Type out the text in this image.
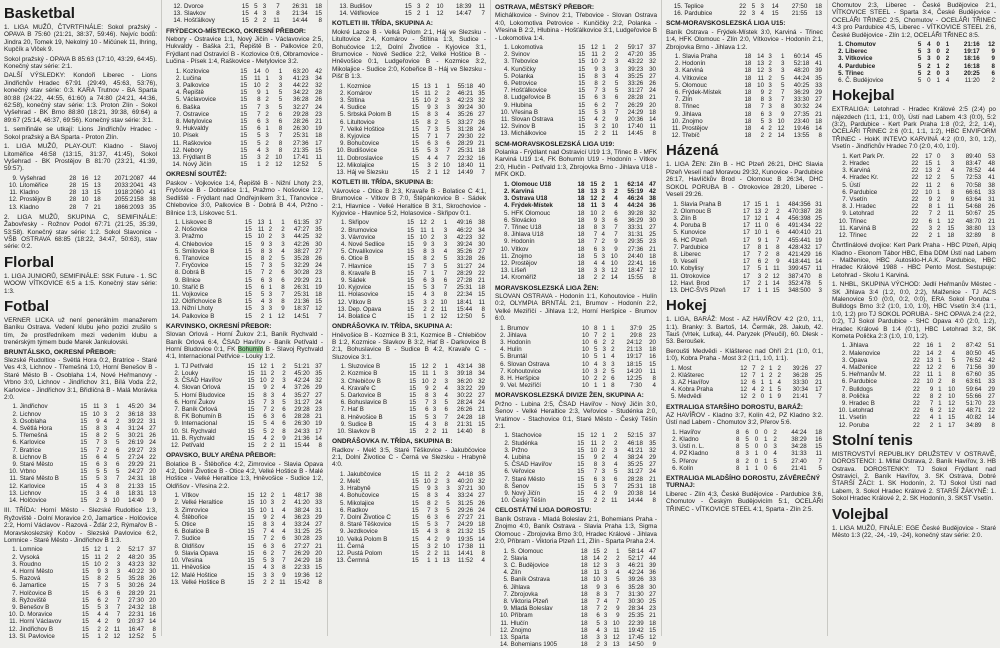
Basketbal
1. LIGA MUŽŮ, ČTVRTFINÁLE: Sokol pražský - OPAVA B 75:60 (21:21, 38:37, 59:46). Nejvíc bodů: Jindra 20, Tomek 19, Nekolný 10 - Mičúnek 11, Ihring, Kupčík a Vlček 9.
Sokol pražský - OPAVA B 85:63 (17:10, 43:29, 64:45). Konečný stav série: 2:1.
DALŠÍ VÝSLEDKY: Kondoři Liberec - Lions Jindřichův Hradec 67:91 (29:49, 45:63, 53:76), konečný stav série: 0:3. KARA Trutnov - BA Sparta 80:88 (24:22, 44:55, 61:60) a 74:80 (24:21, 44:36, 62:58), konečný stav série: 1:3. Proton Zlín - Sokol Vyšehrad - BK Brno 88:80 (18:21, 39:38, 69:64) a 89:67 (25:14, 46:37, 69:56). Konečný stav série: 3:1.
1. semifinále se utkají: Lions Jindřichův Hradec - Sokol pražský a BA Sparta - Proton Zlín.
1. LIGA MUŽŮ, PLAY-OUT: Kladno - Slavoj Litoměřice 46:58 (13:15, 31:37, 41:45), Sokol Vyšehrad - BK Prostějov B 81:70 (23:21, 41:39, 59:57).
9.	Vyšehrad	28	16	12	2071:2087	44
10.	Litoměřice	28	15	13	2033:2041	43
11.	Kladno	28	13	15	1918:2060	41
12.	Prostějov B	28	10	18	2055:2158	38
13.	Kladno	28	7	21	1866:2093	35
2. LIGA MUŽŮ, SKUPINA C, SEMIFINÁLE: Žabovřesky - Rožnov Podol 67:71 (21:25, 35:39, 53:58). Konečný stav série: 1:2. Sokol Slavonice - VŠB OSTRAVA 68:85 (18:22, 34:47, 50:63), stav série: 0:2.
Florbal
1. LIGA JUNIORŮ, SEMIFINÁLE: SSK Future - 1. SC WOOW VÍTKOVICE 6:5 a 1:5. Konečný stav série: 1:3.
Fotbal
VERNER LICKA už není generálním manažerem Baníku Ostrava. Vedení klubu jeho pozici zrušilo s tím, že prostředníkem mezi vedením klubu a trenérským týmem bude Marek Jankulovski.
BRUNTÁLSKO, OKRESNÍ PŘEBOR:
Slezské Rudoltice - Světlá Hora 0:2, Bratrice - Staré Ves 4:3, Lichnov - Třemešná 1:0, Horní Benešov B - Staré Město B - Osoblaha 1:4, Nové Heřmanovy - Vrbno 3:0, Lichnov - Jindřichov 3:1, Bílá Voda 2:2, Karlovice - Jindřichov 3:1, Břidličná B - Malá Morávka 2:0.
1.	Jindřichov	15	11	3	1	45:20	34
2.	Lichnov	15	10	3	2	36:18	33
3.	Osoblaha	15	9	4	2	39:22	31
4.	Světlá Hora	15	8	3	4	31:24	27
5.	Třemešná	15	8	2	5	30:21	26
6.	Karlovice	15	7	3	5	26:19	24
7.	Bratrice	15	7	2	6	29:27	23
8.	Lichnov B	15	6	4	5	27:24	22
9.	Staré Město	15	6	3	6	29:29	21
10.	Vrbno	15	5	5	5	24:27	20
11.	Staré Město B	15	5	3	7	24:31	18
12.	Karlovice	15	4	3	8	21:33	15
13.	Lichnov	15	3	4	8	18:31	13
14.	Holčovice	15	2	3	10	14:40	9
III. TŘÍDA: Horní Město - Slezské Rudoltice 1:3, Ryžoviště - Dolní Moravice 2:0, Jamartice - Holčovice 2:2, Horní Václavov - Razová - Žďár 2:2, Rýmařov B - Moravskoslezský Kočov - Slezské Pavlovice 6:2, Lomnice - Staré Město - Jindřichov B 1:3.
1.	Lomnice	15	12	1	2	52:17	37
2.	Vysoká	15	11	2	2	48:20	35
3.	Roudno	15	10	2	3	43:23	32
4.	Horní Město	15	9	3	3	40:22	30
5.	Razová	15	8	2	5	35:28	26
6.	Jamartice	15	7	3	5	30:26	24
7.	Holčovice B	15	6	3	6	28:29	21
8.	Ryžoviště	15	6	2	7	27:30	20
9.	Benešov B	15	5	3	7	24:32	18
10.	D. Moravice	15	4	4	7	22:31	16
11.	Horní Václavov	15	4	2	9	20:37	14
12.	Jindřichov B	15	2	2	11	16:47	8
13.	Sl. Pavlovice	15	1	2	12	12:52	5
12.	Dvorce	15	5	3	7	26:31	18
13.	Slavkov	15	4	3	8	21:34	15
14.	Hošťálkovy	15	2	2	11	14:44	8
FRÝDECKO-MÍSTECKO, OKRESNÍ PŘEBOR:
Nebory - Ostravice 1:1, Nový Jičín - Václavovice 2:5, Hukvaldy - Baška 2:1, Řepiště B - Palkovice 2:0, Frýdlant nad Ostravicí B - Kozlovice 0:6, Olbramovice - Lučina - Písek 1:4, Raškovice - Metylovice 3:2.
1.	Kozlovice	15	14	0	1	63:20	42
2.	Lučina	15	11	1	3	41:23	34
3.	Palkovice	15	10	2	3	44:22	32
4.	Řepiště	15	9	1	5	34:22	28
5.	Václavovice	15	8	2	5	36:28	26
6.	Baška	15	7	3	5	32:27	24
7.	Ostravice	15	7	2	6	29:28	23
8.	Metylovice	15	6	3	6	28:26	21
9.	Hukvaldy	15	6	1	8	26:30	19
10.	Písek	15	5	3	7	25:31	18
11.	Raškovice	15	5	2	8	27:36	17
12.	Nebory	15	4	3	8	21:35	15
13.	Frýdlant B	15	3	2	10	17:41	11
14.	Nový Jičín	15	1	2	12	12:52	5
OKRESNÍ SOUTĚŽ:
Paskov - Vojkovice 1:4, Řepiště B - Nižní Lhoty 2:3, Fryčovice B - Dobratice 1:1, Pražmo - Nošovice 1:2, Sedliště - Frýdlant nad Ondřejníkem 3:1, Třanovice - Chlebovice 3:0, Palkovice B - Dobrá B 4:4, Pržno - Bílnice 1:3, Lískovec 5:1.
1.	Lískovec B	15	13	1	1	61:35	37
2.	Nošovice	15	11	2	2	47:27	35
3.	Pražmo	15	10	2	3	44:25	32
4.	Chlebovice	15	9	3	3	42:26	30
5.	Smilovice B	15	8	3	4	38:27	27
6.	Třanovice	15	8	2	5	35:28	26
7.	Fryčovice	15	7	3	5	32:29	24
8.	Dobrá B	15	7	2	6	30:28	23
9.	Bílnice	15	6	3	6	29:29	21
10.	Staříč B	15	6	1	8	26:31	19
11.	Vojkovice	15	5	3	7	25:31	18
12.	Oldřichovice B	15	4	3	8	21:36	15
13.	Nižní Lhoty	15	3	3	9	18:37	12
14.	Palkovice B	15	2	1	12	14:51	7
KARVINSKO, OKRESNÍ PŘEBOR:
Slovan Orlová - Horní Žukov 2:1, Baník Rychvald - Baník Orlová 6:4, ČSAD Havířov - Baník Petřvald - Horní Bludovice 0:1, FK Bohumín B - Slavoj Rychvald 4:1, Internacional Petřvice - Louky 1:2.
1.	TJ Petřvald	15	12	1	2	51:21	37
2.	Louky	15	11	2	2	45:20	35
3.	ČSAD Havířov	15	10	2	3	42:24	32
4.	Slovan Orlová	15	9	2	4	37:26	29
5.	Horní Bludovice	15	8	3	4	35:27	27
6.	Horní Žukov	15	7	3	5	31:27	24
7.	Baník Orlová	15	7	2	6	29:28	23
8.	FK Bohumín B	15	6	3	6	28:28	21
9.	Internacional	15	5	4	6	26:30	19
10.	Sl. Rychvald	15	5	2	8	24:33	17
11.	B. Rychvald	15	4	2	9	21:36	14
12.	Petřvald	15	2	2	11	15:44	8
OPAVSKO, BULY ARÉNA PŘEBOR:
Bolatice B - Štěbořice 4:2, Zimrovice - Slavia Opava 4:2, Dolní Životice B - Otice 4:2, Velké Hoštice B - Malé Hoštice - Velké Heraltice 1:3, Hněvošice - Sudice 1:2, Oldřišov - Vřesina 2:2.
1.	Vítkov	15	12	2	1	48:17	38
2.	Velké Heraltice	15	10	3	2	41:20	33
3.	Zimrovice	15	10	1	4	38:24	31
4.	Štěbořice	15	9	2	4	36:23	29
5.	Otice	15	8	3	4	33:24	27
6.	Bolatice B	15	7	4	4	31:25	25
7.	Sudice	15	7	2	6	30:28	23
8.	Oldřišov	15	6	3	6	27:27	21
9.	Slavia Opava	15	6	2	7	26:29	20
10.	Vřesina	15	5	3	7	24:29	18
11.	Hněvošice	15	4	3	8	22:33	15
12.	Malé Hoštice	15	3	3	9	19:36	12
13.	Velké Hoštice B	15	2	2	11	15:42	8
13.	Budišov	15	3	2	10	18:39	11
14.	Větřkovice	15	2	1	12	14:47	7
KOTLETI III. TŘÍDA, SKUPINA A:
Mokré Lazce B - Velká Polom 2:1, Háj ve Slezsku - Litultovice 2:4, Komárov - Štítina 1:3, Sudice - Bohučovice 1:2, Dolní Životice - Kyjovice 3:1, Brumovice - Nové Sedlice 2:2, Velké Hoštice B - Hněvošice 0:1, Ludgeřovice B - Kozmice 3:2, Mikolajice - Sudice 2:0, Kobeřice B - Háj ve Slezsku - Pišť B 1:3.
1.	Kozmice	15	13	1	1	55:18	40
2.	Komárov	15	11	2	2	46:21	35
3.	Štítina	15	10	2	3	42:23	32
4.	Sudice	15	9	3	3	39:24	30
5.	Srbská Polom B	15	8	3	4	35:26	27
6.	Litultovice	15	8	2	5	33:27	26
7.	Velké Hoštice	15	7	3	5	31:28	24
8.	Kyjovice	15	7	1	7	29:30	22
9.	Bohučovice	15	6	3	6	28:29	21
10.	Budišovice	15	5	3	7	25:31	18
11.	Dobroslavice	15	4	4	7	22:32	16
12.	Mikolajice	15	3	2	10	18:40	11
13.	Háj ve Slezsku	15	2	1	12	14:49	7
KOTLETI III. TŘÍDA, SKUPINA B:
Vávrovice - Otice B 2:3, Kravaře B - Bolatice C 4:1, Brumovice - Vítkov B 7:0, Štěpánkovice B - Sádek 2:1, Hlavnice - Velké Heraltice B 3:1, Skrochovice - Kyjovice - Hlavnice 5:2, Holasovice - Skřipov 0:1.
1.	Skřipov	15	12	2	1	49:16	38
2.	Brumovice	15	11	1	3	46:22	34
3.	Vávrovice	15	10	2	3	42:23	32
4.	Nové Sedlice	15	9	3	3	39:24	30
5.	Chvalíkovice	15	8	3	4	35:26	27
6.	Otice B	15	8	2	5	33:28	26
7.	Hlavnice	15	7	3	5	31:27	24
8.	Kravaře B	15	7	1	7	28:29	22
9.	Sádek	15	6	3	6	27:28	21
10.	Kyjovice	15	5	3	7	25:31	18
11.	Holasovice	15	4	3	8	22:34	15
12.	Vítkov B	15	3	2	10	18:41	11
13.	Dep. Opava	15	2	2	11	15:44	8
14.	Bolatice C	15	1	2	12	12:50	5
ONDRÁŠOVKA IV. TŘÍDA, SKUPINA A:
Hněvošice B - Kozmice B 3:1, Kozmice B - Chlebičov B 1:2, Kozmice - Slavkov B 3:2, Hať B - Darkovice B 2:1, Bohuslavice B - Sudice B 4:2, Kravaře C - Sluzovice 3:1.
1.	Sluzovice B	15	12	2	1	43:14	38
2.	Kozmice B	15	11	1	3	39:18	34
3.	Chlebičov B	15	10	2	3	36:20	32
4.	Kravaře C	15	9	2	4	33:22	29
5.	Darkovice B	15	8	3	4	30:22	27
6.	Bohuslavice B	15	7	3	5	28:24	24
7.	Hať B	15	6	3	6	26:26	21
8.	Hněvošice B	15	5	3	7	24:28	18
9.	Sudice B	15	4	3	8	21:31	15
10.	Slavkov B	15	2	2	11	14:40	8
ONDRÁŠOVKA IV. TŘÍDA, SKUPINA B:
Radkov - Melč 3:5, Staré Těškovice - Jakubčovice 2:1, Dolní Životice C - Černá ve Slezsku - Hrabyně 4:0.
1.	Jakubčovice	15	11	2	2	44:18	35
2.	Melč	15	10	2	3	40:20	32
3.	Hrabyně	15	9	3	3	37:21	30
4.	Bohučovice	15	8	3	4	33:24	27
5.	Mikolajice	15	8	2	5	31:25	26
6.	Radkov	15	7	3	5	29:26	24
7.	Dolní Životice C	15	6	3	6	27:27	21
8.	Staré Těškovice	15	5	3	7	24:29	18
9.	Jezdkovice	15	4	3	8	21:32	15
10.	Velká Polom B	15	4	2	9	19:35	14
11.	Černá	15	3	2	10	17:38	11
12.	Pustá Polom	15	2	2	11	14:41	8
13.	Čermná	15	1	1	13	11:52	4
OSTRAVA, MĚSTSKÝ PŘEBOR:
Michálkovice - Svinov 2:1, Třebovice - Slovan Ostrava 4:0, Lokomotiva Petrovice - Kunčičky 2:2, Polanka - Vřesina B 2:2, Hlubina - Hošťálkovice 3:1, Ludgeřovice B - Lokomotiva 1:4.
1.	Lokomotiva	15	12	1	2	59:17	37
2.	Svinov	15	11	2	2	47:20	35
3.	Třebovice	15	10	2	3	43:22	32
4.	Kunčičky	15	9	3	3	39:23	30
5.	Polanka	15	8	3	4	35:25	27
6.	Petrovice	15	8	2	5	33:26	26
7.	Hošťálkovice	15	7	3	5	31:27	24
8.	Ludgeřovice B	15	6	3	6	28:28	21
9.	Hlubina	15	6	2	7	26:29	20
10.	Vřesina B	15	5	3	7	24:29	18
11.	Slovan Ostrava	15	4	2	9	20:36	14
12.	Svinov B	15	3	2	10	17:40	11
13.	Michálkovice	15	2	2	11	14:45	8
SCM-MORAVSKOSLEZSKÁ LIGA U19:
Polanka - Frýdlant nad Ostravicí U19 1:3, Třinec B - MFK Karviná U19 1:4, FK Bohumín U19 - Hodonín - Vítkov 2:0, Hlučín - Petřvald 1:3, Zbrojovka Brno - Jihlava U18 - MFK OKD.
1.	Olomouc U18	18	15	2	1	62:14	47
2.	Karviná	18	13	3	2	55:19	42
3.	Ostrava U18	18	12	2	4	46:24	38
4.	Frýdek-Místek	18	11	3	4	44:24	36
5.	HFK Olomouc	18	10	2	6	39:28	32
6.	Slovácko	18	9	3	6	36:29	30
7.	Třinec U18	18	8	3	7	33:31	27
8.	Jihlava U18	18	7	4	7	31:31	25
9.	Hodonín	18	7	2	9	29:35	23
10.	Vítkov	18	6	3	9	27:36	21
11.	Znojmo	18	5	3	10	24:40	18
12.	Prostějov	18	4	4	10	22:41	16
13.	Líšeň	18	3	3	12	18:47	12
14.	Kroměříž	18	2	2	14	15:55	8
MORAVSKOSLEZSKÁ LIGA ŽEN:
SLOVAN OSTRAVA - Hodonín 1:1, Kohoutovice - Hulín 0:2, OLYMPIA BRNTÁL 2:1, Brumov - Hodonín 2:2, Velké Meziříčí - Jihlava 1:2, Horní Heršpice - Brumov 6:0.
1.	Brumov	10	8	1	1	37:9	25
2.	Jihlava	10	7	2	1	29:8	23
3.	Hodonín	10	6	2	2	24:12	20
4.	Hulín	10	5	3	2	21:13	18
5.	Bruntál	10	5	1	4	19:17	16
6.	Slovan Ostrava	10	4	3	3	18:15	15
7.	Kohoutovice	10	3	2	5	14:20	11
8.	H. Heršpice	10	2	2	6	12:25	8
9.	Vel. Meziříčí	10	1	1	8	7:30	4
MORAVSKOSLEZSKÁ DIVIZE ŽEN, SKUPINA A:
Pržno - Lubina 2:5, ČSAD Havířov - Nový Jičín 3:0, Šenov - Velké Heraltice 2:3, Veřovice - Studénka 2:0, Vratimov - Stachovice 0:1, Staré Město - Český Těšín 2:1.
1.	Stachovice	15	12	1	2	52:15	37
2.	Studénka	15	11	2	2	46:18	35
3.	Pržno	15	10	2	3	41:21	32
4.	Lubina	15	9	2	4	38:24	29
5.	ČSAD Havířov	15	8	3	4	35:25	27
6.	Veřovice	15	7	3	5	31:27	24
7.	Staré Město	15	6	3	6	28:28	21
8.	Šenov	15	5	3	7	25:31	18
9.	Nový Jičín	15	4	2	9	20:38	14
10.	Český Těšín	15	2	2	11	14:44	8
CELOSTÁTNÍ LIGA DOROSTU:
Baník Ostrava - Mladá Boleslav 2:1, Bohemians Praha - Znojmo 4:0, Baník Ostrava - Slavia Praha 1:3, Sigma Olomouc - Zbrojovka Brno 3:0, Hradec Králové - Jihlava 2:0, Příbram - Viktoria Plzeň 1:1, Zlín - Sparta Praha 2:4.
1.	S. Olomouc	18	15	2	1	58:14	47
2.	Slavia	18	14	2	2	52:17	44
3.	C. Budějovice	18	12	3	3	46:21	39
4.	Zlín	18	11	3	4	42:24	36
5.	Baník Ostrava	18	10	3	5	39:26	33
6.	Jihlava	18	9	3	6	35:28	30
7.	Zbrojovka	18	8	3	7	31:30	27
8.	Viktoria Plzeň	18	7	4	7	30:30	25
9.	Mladá Boleslav	18	7	2	9	28:34	23
10.	Příbram	18	6	3	9	25:35	21
11.	Hlučín	18	5	3	10	22:39	18
12.	Znojmo	18	4	3	11	19:42	15
13.	Sparta	18	3	3	12	17:45	12
14.	Bohemians 1905	18	2	3	13	14:50	9
15.	Teplice	22	5	3	14	27:50	18
16.	Pardubice	22	3	4	15	21:55	13
SCM-MORAVSKOSLEZSKÁ LIGA U15:
Baník Ostrava - Frýdek-Místek 3:0, Karviná - Třinec 1:4, HFK Olomouc - Zlín 2:0, Vítkovice - Hodonín 2:1, Zbrojovka Brno - Jihlava 1:2.
1.	Slavia Praha	18	14	3	1	60:14	45
2.	Hodonín	18	13	2	3	52:18	41
3.	Karviná	18	12	3	3	48:20	39
4.	Vítkovice	18	11	2	5	44:24	35
5.	Olomouc	18	10	3	5	40:25	33
6.	Frýdek-Místek	18	9	2	7	36:29	29
7.	Zlín	18	8	3	7	33:30	27
8.	Třinec	18	7	3	8	30:32	24
9.	Jihlava	18	6	3	9	27:35	21
10.	Znojmo	18	5	3	10	23:40	18
11.	Prostějov	18	4	2	12	19:46	14
12.	Třebíč	18	2	2	14	13:55	8
Házená
1. LIGA ŽEN: Zlín B - HC Plzeň 26:21, DHC Slavia Plzeň Veselí nad Moravou 29:32, Kunovice - Pardubice 26:17, Havlíčkův Brod - Olomouc B 26:34, DHC SOKOL PORUBA B - Otrokovice 28:20, Liberec - Veselí 29:26.
1.	Slavia Praha B	17	15	1	1	484:356	31
2.	Olomouc B	17	13	2	2	470:387	28
3.	Zlín B	17	12	1	4	456:398	25
4.	Poruba B	17	11	0	6	491:434	22
5.	Kunovice	17	10	1	6	440:410	21
6.	HC Plzeň	17	9	1	7	455:441	19
7.	Pardubice	17	8	1	8	428:432	17
8.	Liberec	17	7	2	8	421:429	16
9.	Veselí	17	6	2	9	418:441	14
10.	Kobylisy	17	5	1	11	399:457	11
11.	Otrokovice	17	3	2	12	387:470	8
12.	Havl. Brod	17	2	1	14	352:478	5
13.	DHC-ŠVS Plzeň	17	1	1	15	348:500	3
Hokej
1. LIGA, BARÁŽ: Most - AZ HAVÍŘOV 4:2 (2:0, 1:1, 1:1). Branky: 3. Bartoš, 14. Čermák, 28. Jakub, 42. Tauš (Vrtek, Lutka), 44. Paryzek (Přeučil), 60. Dlesk - 53. Beroušek.
Beroušti Medvědi - Klášterec nad Ohří 2:1 (1:0, 0:1, 1:0), Kobra Praha - Most 3:2 (1:1, 1:0, 1:1).
1.	Most	12	7	2	1	2	39:26	27
2.	Klášterec	12	7	1	2	2	36:28	25
3.	AZ Havířov	12	6	1	1	4	33:30	21
4.	Kobra Praha	12	4	2	1	5	30:34	17
5.	Medvědi	12	2	0	1	9	21:41	7
EXTRALIGA STARŠÍHO DOROSTU, BARÁŽ:
AZ HAVÍŘOV - Kladno 3:7, Kolín 4:2, PZ Kladno 3:2. Ústí nad Labem - Chomutov 3:2, Přerov 5:6.
1.	Havířov	8	6	0	0	2	44:24	18
2.	Kladno	8	5	0	1	2	38:29	16
3.	Ústí n. L.	8	5	0	0	3	34:28	15
4.	PZ Kladno	8	3	1	0	4	31:33	11
5.	Přerov	8	2	0	1	5	27:40	7
6.	Kolín	8	1	1	0	6	21:41	5
EXTRALIGA MLADŠÍHO DOROSTU, ZÁVĚREČNÝ TURNAJ:
Liberec - Zlín 4:3, České Budějovice - Pardubice 3:6, Chomutov - Českým Budějovicím 5:1, OCELÁŘI TŘINEC - VÍTKOVICE STEEL 4:1, Sparta - Zlín 2:5.
Chomutov 2:3, Liberec - České Budějovice 2:1, VÍTKOVICE STEEL - Sparta 3:4, České Budějovice - OCELÁŘI TŘINEC 2:5, Chomutov - OCELÁŘI TŘINEC 4:3 pro Pardubice 4:5, Liberec - VÍTKOVICE STEEL 2:6, České Budějovice - Zlín 1:2, OCELÁŘI TŘINEC 8:5.
1.	Chomutov	5	4	0	1	21:16	12
2.	Liberec	5	3	0	2	19:17	9
3.	Vítkovice	5	3	0	2	18:16	9
4.	Pardubice	5	2	1	2	16:18	8
5.	Třinec	5	2	0	3	20:25	6
6.	Č. Budějovice	5	0	1	4	11:20	2
Hokejbal
EXTRALIGA: Letohrad - Hradec Králové 2:5 (2:4) po nájezdech (1:1, 1:1, 0:0), Ústí nad Labem 4:3 (0:0), 5:2 (3:2), Pardubice - Kert Park Praha 1:8 (0:2, 2:2, 1:4), OCELÁŘI TŘINEC 2:6 (0:1, 1:1, 1:2), HBC ENVIFORM TŘINEC - HokK INTEVO KARVINÁ 4:2 (0:0, 3:0, 1:2), Vsetín - Jindřichův Hradec 7:0 (2:0, 4:0, 1:0).
1.	Kert Park Pr.	22	17	0	3	89:40	53
2.	Hradec	22	15	1	3	83:47	48
3.	Karviná	22	13	2	4	78:52	44
4.	Hradec Kr.	22	12	2	5	72:53	41
5.	Ústí	22	11	2	6	70:58	38
6.	Pardubice	22	10	1	8	66:61	33
7.	Vsetín	22	9	2	9	63:64	31
8.	J. Hradec	22	8	1	11	54:68	26
9.	Letohrad	22	7	2	11	50:67	25
10.	Třinec	22	6	1	12	48:70	21
11.	Karviná B	22	3	2	15	38:80	13
12.	Třinec	22	2	1	18	32:89	8
Čtvrtfinálové dvojice: Kert Park Praha - HBC Plzeň, Alpiq Kladno - Ekonom Tábor HBC, Elba DDM Ústí nad Labem - Malženice, HBC Autosklo-H.A.K. Pardubice, HBC Hradec Králové 1988 - HBC Pento Most. Sestupuje: Letohrad - Skolu 1 Karviná.
1. NHBL, SKUPINA VÝCHOD: Jedlí Heřmanův Městec - SK Jihlava 3:4 (1:2, 0:0, 2:2), Malženice - TJ ACS Malenovice 5:0 (0:0, 0:2, 0:0), ERA Sokol Poruba - Bulldogs Brno 3:2 (1:0, 1:0, 1:0), HBC Vsetín 3:4 (1:1, 1:0, 1:2) pro TJ SOKOL PORUBA - SHC OPAVA 2:4 (2:2, 0:2), TJ Sokol Pardubice - SHC Opava 4:0 (2:0, 1:2), Hradec Králové B 1:4 (0:1), HBC Letohrad 3:2, SK Kometa Polička 2:3 (1:0, 1:0, 1:2).
1.	Jihlava	22	16	1	2	87:42	51
2.	Malenovice	22	14	2	4	80:50	45
3.	Opava	22	13	1	5	76:52	42
4.	Malženice	22	12	2	6	71:56	39
5.	Heřmanův M.	22	11	1	8	67:60	35
6.	Pardubice	22	10	2	8	63:61	33
7.	Bulldogs	22	9	1	10	59:64	29
8.	Polička	22	8	2	10	55:66	27
9.	Hradec B	22	7	1	12	51:70	23
10.	Letohrad	22	6	2	12	48:71	22
11.	Vsetín	22	4	1	15	40:82	14
12.	Poruba	22	2	1	17	34:89	8
Stolní tenis
MISTROVSTVÍ REPUBLIKY DRUŽSTEV V OSTRAVĚ, DOROSTENCI: 1. Mitlal Ostrava, 2. Baník Havířov, 3. HB Ostrava. DOROSTENKY: TJ Sokol Frýdlant nad Ostravicí, 2. Baník Havířov, 3. SK Ostrava. Dobré ŠTARŠÍ ŽÁCI: 1. SK Hodonín, 2. TJ Sokol Ústí nad Labem, 3. Sokol Hradec Králové 2. STARŠÍ ŽÁKYNĚ: 1. Sokol Hradec Králové 2, 2. SK Hodonín, 3. SKST Vsetín.
Volejbal
1. LIGA MUŽŮ, FINÁLE: EGE České Budějovice - Staré Město 1:3 (22, -24, -19, -24), konečný stav série: 2:0.
